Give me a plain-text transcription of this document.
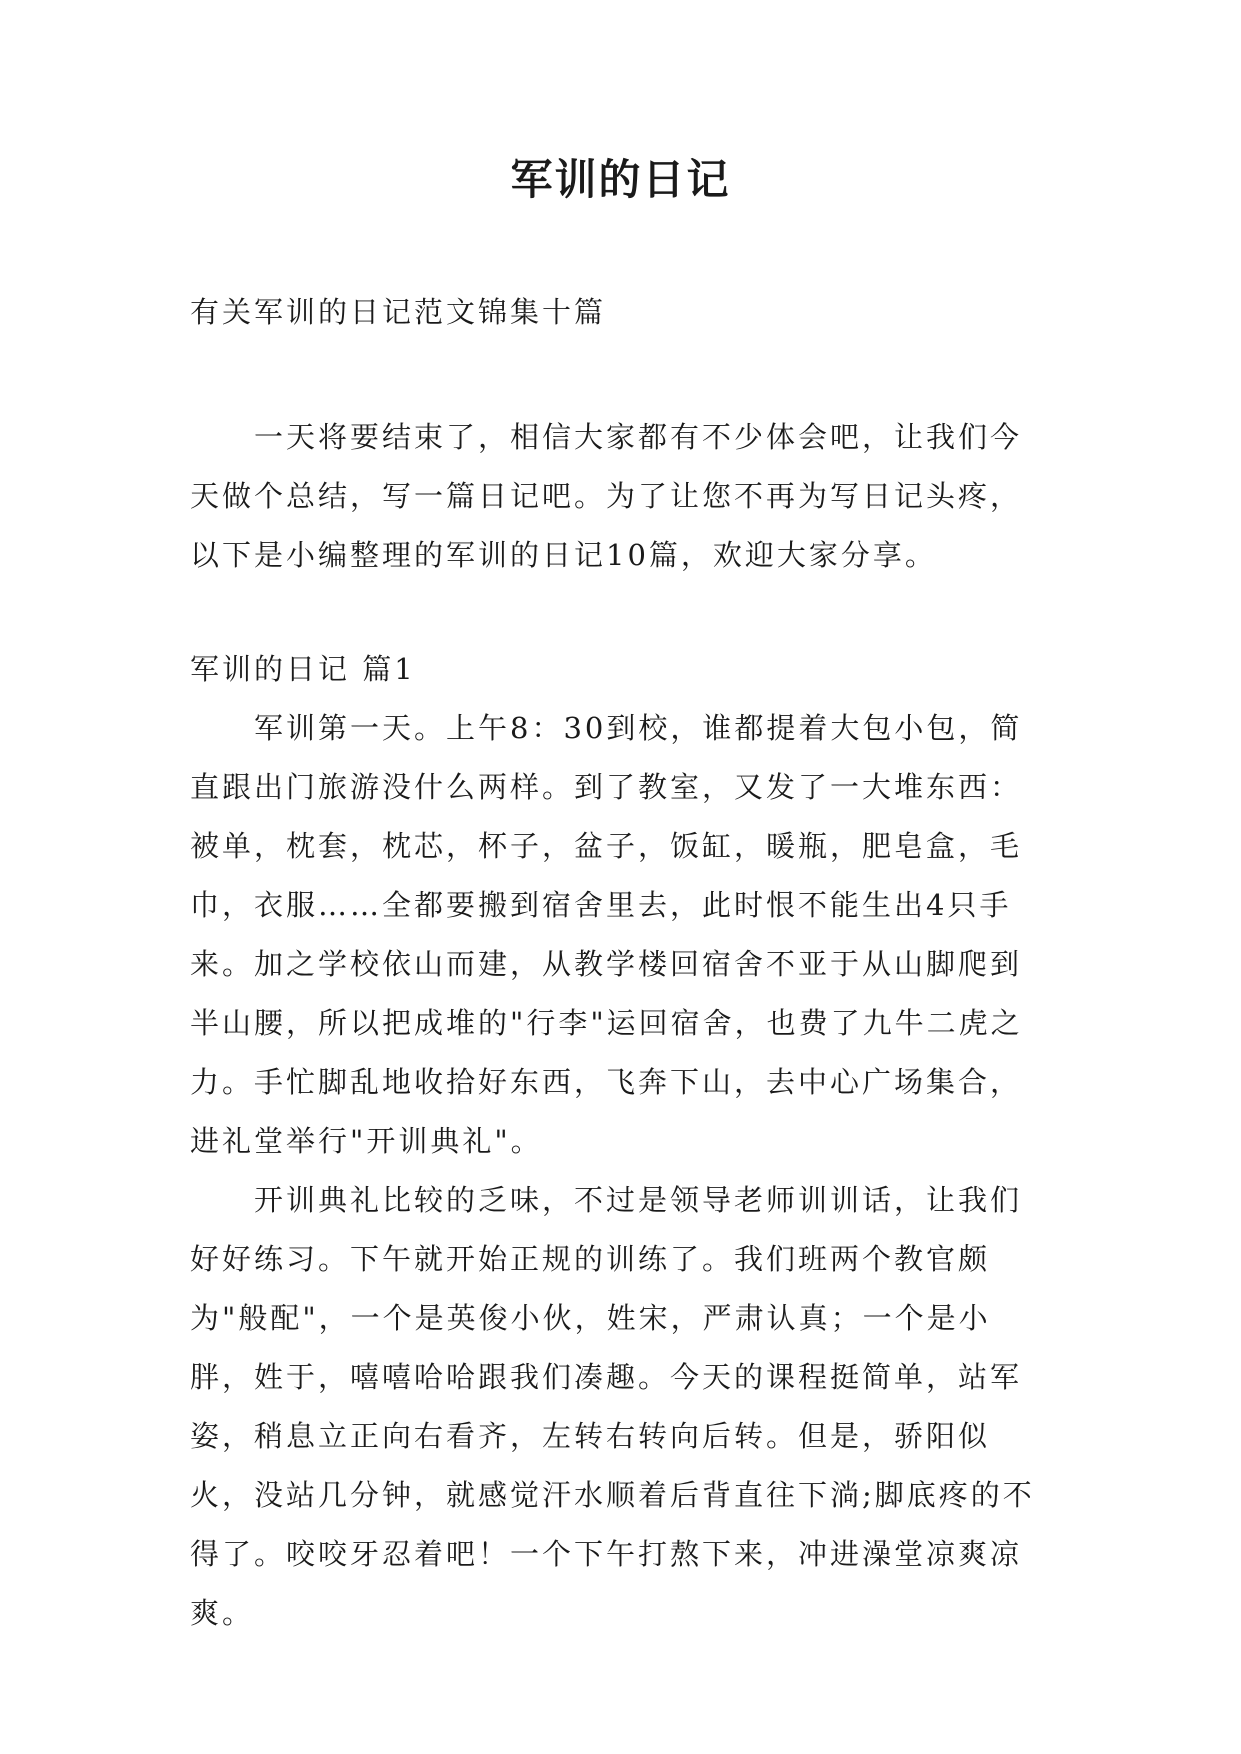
军训的日记

有关军训的日记范文锦集十篇

一天将要结束了，相信大家都有不少体会吧，让我们今天做个总结，写一篇日记吧。为了让您不再为写日记头疼，以下是小编整理的军训的日记10篇，欢迎大家分享。

军训的日记 篇1

军训第一天。上午8：30到校，谁都提着大包小包，简直跟出门旅游没什么两样。到了教室，又发了一大堆东西：被单，枕套，枕芯，杯子，盆子，饭缸，暖瓶，肥皂盒，毛巾，衣服……全都要搬到宿舍里去，此时恨不能生出4只手来。加之学校依山而建，从教学楼回宿舍不亚于从山脚爬到半山腰，所以把成堆的"行李"运回宿舍，也费了九牛二虎之力。手忙脚乱地收拾好东西，飞奔下山，去中心广场集合，进礼堂举行"开训典礼"。

开训典礼比较的乏味，不过是领导老师训训话，让我们好好练习。下午就开始正规的训练了。我们班两个教官颇为"般配"，一个是英俊小伙，姓宋，严肃认真；一个是小胖，姓于，嘻嘻哈哈跟我们凑趣。今天的课程挺简单，站军姿，稍息立正向右看齐，左转右转向后转。但是，骄阳似火，没站几分钟，就感觉汗水顺着后背直往下淌;脚底疼的不得了。咬咬牙忍着吧！一个下午打熬下来，冲进澡堂凉爽凉爽。
